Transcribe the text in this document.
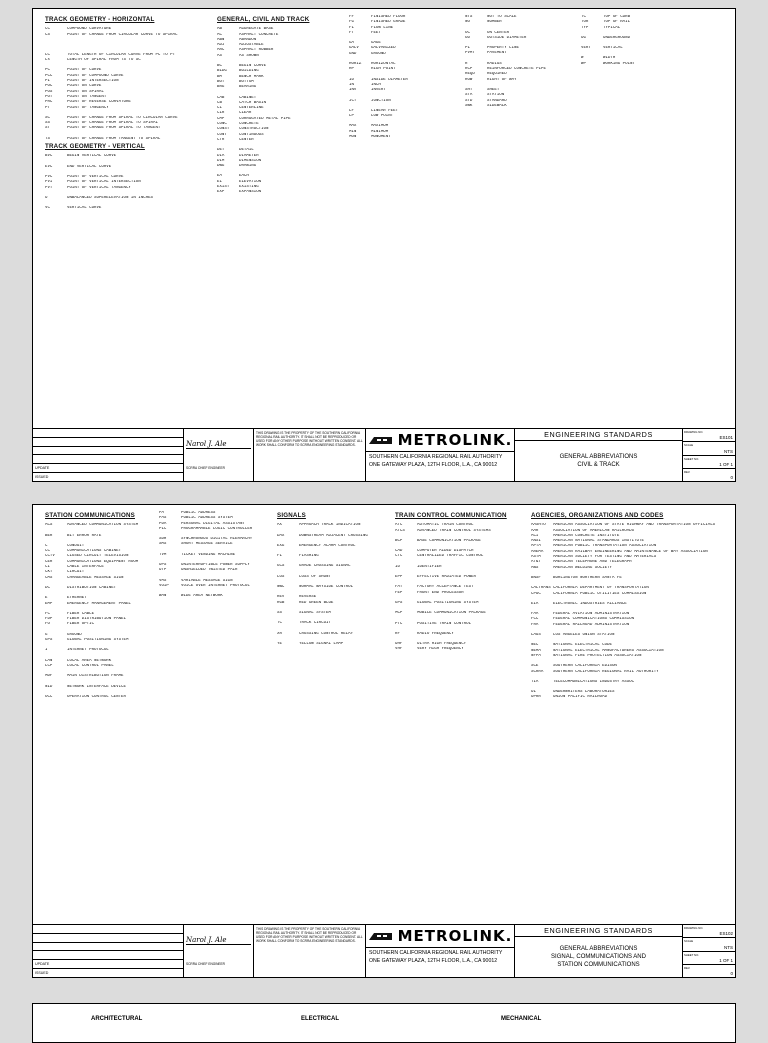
TRACK GEOMETRY - HORIZONTAL
CC	COMPOUND CURVATURE
CS	POINT OF CHANGE FROM CIRCULAR CURVE TO SPIRAL
LC	TOTAL LENGTH OF CIRCULAR CURVE FROM PC TO PT
Ls	LENGTH OF SPIRAL FROM TS TO SC
PC	POINT OF CURVE
PCC	POINT OF COMPOUND CURVE
PI	POINT OF INTERSECTION
POC	POINT ON CURVE
POS	POINT ON SPIRAL
POT	POINT ON TANGENT
PRC	POINT OF REVERSE CURVATURE
PT	POINT OF TANGENCY
SC	POINT OF CHANGE FROM SPIRAL TO CIRCULAR CURVE
SS	POINT OF CHANGE FROM SPIRAL TO SPIRAL
ST	POINT OF CHANGE FROM SPIRAL TO TANGENT
TS	POINT OF CHANGE FROM TANGENT TO SPIRAL
TRACK GEOMETRY - VERTICAL
BVC	BEGIN VERTICAL CURVE
EVC	END VERTICAL CURVE
PVC	POINT OF VERTICAL CURVE
PVI	POINT OF VERTICAL INTERSECTION
PVT	POINT OF VERTICAL TANGENCY
U	UNBALANCED SUPERELEVATION IN INCHES
VC	VERTICAL CURVE
GENERAL, CIVIL AND TRACK
AB	AGGREGATE BASE
AC	ASPHALT CONCRETE
ABN	ABANDON
ADJ	ADJUSTABLE
ARC	ASPHALT RUBBER
AS	AS SHOWN
BC	BEGIN CURVE
BLDG	BUILDING
BM	BENCH MARK
BOT	BOTTOM
BRG	BEARING
CAB	CABINET
CB	CATCH BASIN
CL	CENTERLINE
CLR	CLEAR
CMP	CORRUGATED METAL PIPE
CONC	CONCRETE
CONST	CONSTRUCTION
CONT	CONTINUOUS
CTR	CENTER
DET	DETAIL
DIA	DIAMETER
DIM	DIMENSION
DWG	DRAWING
EA	EACH
EL	ELEVATION
EXIST	EXISTING
EXP	EXPANSION
FF	FINISHED FLOOR
FG	FINISHED GRADE
FL	FLOW LINE
FT	FEET
GA	GAGE
GALV	GALVANIZED
GND	GROUND
HORIZ	HORIZONTAL
HP	HIGH POINT
ID	INSIDE DIAMETER
IN	INCH
INV	INVERT
JCT	JUNCTION
LF	LINEAR FEET
LP	LOW POINT
MAX	MAXIMUM
MIN	MINIMUM
MON	MONUMENT
NTS	NOT TO SCALE
NO	NUMBER
OC	ON CENTER
OD	OUTSIDE DIAMETER
PL	PROPERTY LINE
PVMT	PAVEMENT
R	RADIUS
RCP	REINFORCED CONCRETE PIPE
REQD	REQUIRED
ROW	RIGHT OF WAY
SHT	SHEET
STA	STATION
STD	STANDARD
SWK	SIDEWALK
TC	TOP OF CURB
TOR	TOP OF RAIL
TYP	TYPICAL
UG	UNDERGROUND
VERT	VERTICAL
W	WIDTH
WP	WORKING POINT
UPDATE
ISSUED
Narol J. Ale
SCRRA CHIEF ENGINEER
THIS DRAWING IS THE PROPERTY OF THE SOUTHERN CALIFORNIA REGIONAL RAIL AUTHORITY. IT SHALL NOT BE REPRODUCED OR USED FOR ANY OTHER PURPOSE WITHOUT WRITTEN CONSENT. ALL WORK SHALL CONFORM TO SCRRA ENGINEERING STANDARDS.	METROLINK.
SOUTHERN CALIFORNIA REGIONAL RAIL AUTHORITY
ONE GATEWAY PLAZA, 12TH FLOOR, L.A., CA 90012
ENGINEERING STANDARDS
GENERAL ABBREVIATIONS
CIVIL & TRACK
DRAWING NO.
ES101
SCALE
NTS
SHEET NO.
1 OF 1
REV.
0
STATION COMMUNICATIONS
ACS	ADVANCED COMMUNICATION SYSTEM
BER	BIT ERROR RATE
C	CONDUIT
CC	COMMUNICATIONS CABINET
CCTV	CLOSED CIRCUIT TELEVISION
CER	COMMUNICATIONS EQUIPMENT ROOM
CI	CABLE INTERFACE
CKT	CIRCUIT
CMS	CHANGEABLE MESSAGE SIGN
DC	DISTRIBUTION CABINET
E	ETHERNET
EMP	EMERGENCY MANAGEMENT PANEL
FC	FIBER CABLE
FDP	FIBER DISTRIBUTION PANEL
FO	FIBER OPTIC
G	GROUND
GPS	GLOBAL POSITIONING SYSTEM
I	INTERNET PROTOCOL
LAN	LOCAL AREA NETWORK
LCP	LOCAL CONTROL PANEL
MDF	MAIN DISTRIBUTION FRAME
NID	NETWORK INTERFACE DEVICE
OCC	OPERATION CONTROL CENTER
PA	PUBLIC ADDRESS
PAS	PUBLIC ADDRESS SYSTEM
PDA	PERSONAL DIGITAL ASSISTANT
PLC	PROGRAMMABLE LOGIC CONTROLLER
SDH	SYNCHRONOUS DIGITAL HIERARCHY
SMS	SHORT MESSAGE SERVICE
TVM	TICKET VENDING MACHINE
UPS	UNINTERRUPTIBLE POWER SUPPLY
UTP	UNSHIELDED TWISTED PAIR
VMS	VARIABLE MESSAGE SIGN
VOIP	VOICE OVER INTERNET PROTOCOL
WAN	WIDE AREA NETWORK
SIGNALS
AX	APPROACH TRACK INDICATION
DAX	DOWNSTREAM ADJACENT CROSSING
EXG	EMERGENCY ALARM CONTROL
FL	FLASHING
GCS	GRADE CROSSING SIGNAL
LOS	LOSS OF SHUNT
NWC	NORMAL WAYSIDE CONTROL
REV	REVERSE
RGB	RED GREEN BLUE
SS	SIGNAL SYSTEM
TC	TRACK CIRCUIT
XR	CROSSING CONTROL RELAY
YE	YELLOW SIGNAL LAMP
TRAIN CONTROL COMMUNICATION
ATC	AUTOMATIC TRAIN CONTROL
ATCS	ADVANCED TRAIN CONTROL SYSTEMS
BCP	BASE COMMUNICATION PACKAGE
CAD	COMPUTER AIDED DISPATCH
CTC	CENTRALIZED TRAFFIC CONTROL
ID	IDENTIFIER
EPP	EFFECTIVE RADIATED POWER
FAT	FACTORY ACCEPTANCE TEST
FEP	FRONT END PROCESSOR
GPS	GLOBAL POSITIONING SYSTEM
MCP	MOBILE COMMUNICATION PACKAGE
PTC	POSITIVE TRAIN CONTROL
RF	RADIO FREQUENCY
UHF	ULTRA HIGH FREQUENCY
VHF	VERY HIGH FREQUENCY
AGENCIES, ORGANIZATIONS AND CODES
AASHTO	AMERICAN ASSOCIATION OF STATE HIGHWAY AND TRANSPORTATION OFFICIALS
AAR	ASSOCIATION OF AMERICAN RAILROADS
ACI	AMERICAN CONCRETE INSTITUTE
ANSI	AMERICAN NATIONAL STANDARDS INSTITUTE
APTA	AMERICAN PUBLIC TRANSPORTATION ASSOCIATION
AREMA	AMERICAN RAILWAY ENGINEERING AND MAINTENANCE OF WAY ASSOCIATION
ASTM	AMERICAN SOCIETY FOR TESTING AND MATERIALS
AT&T	AMERICAN TELEPHONE AND TELEGRAPH
AWS	AMERICAN WELDING SOCIETY
BNSF	BURLINGTON NORTHERN SANTA FE
CALTRANS CALIFORNIA DEPARTMENT OF TRANSPORTATION
CPUC	CALIFORNIA PUBLIC UTILITIES COMMISSION
EIA	ELECTRONIC INDUSTRIES ALLIANCE
FAA	FEDERAL AVIATION ADMINISTRATION
FCC	FEDERAL COMMUNICATIONS COMMISSION
FRA	FEDERAL RAILROAD ADMINISTRATION
LAUS	LOS ANGELES UNION STATION
NEC	NATIONAL ELECTRICAL CODE
NEMA	NATIONAL ELECTRICAL MANUFACTURERS ASSOCIATION
NFPA	NATIONAL FIRE PROTECTION ASSOCIATION
SCE	SOUTHERN CALIFORNIA EDISON
SCRRA	SOUTHERN CALIFORNIA REGIONAL RAIL AUTHORITY
TIA	TELECOMMUNICATIONS INDUSTRY ASSOC
UL	UNDERWRITERS LABORATORIES
UPRR	UNION PACIFIC RAILROAD
UPDATE
ISSUED
Narol J. Ale
SCRRA CHIEF ENGINEER
THIS DRAWING IS THE PROPERTY OF THE SOUTHERN CALIFORNIA REGIONAL RAIL AUTHORITY. IT SHALL NOT BE REPRODUCED OR USED FOR ANY OTHER PURPOSE WITHOUT WRITTEN CONSENT. ALL WORK SHALL CONFORM TO SCRRA ENGINEERING STANDARDS.	METROLINK.
SOUTHERN CALIFORNIA REGIONAL RAIL AUTHORITY
ONE GATEWAY PLAZA, 12TH FLOOR, L.A., CA 90012
ENGINEERING STANDARDS
GENERAL ABBREVIATIONS
SIGNAL, COMMUNICATIONS AND
STATION COMMUNICATIONS
DRAWING NO.
ES102
SCALE
NTS
SHEET NO.
1 OF 1
REV.
0
ARCHITECTURAL	ELECTRICAL	MECHANICAL
